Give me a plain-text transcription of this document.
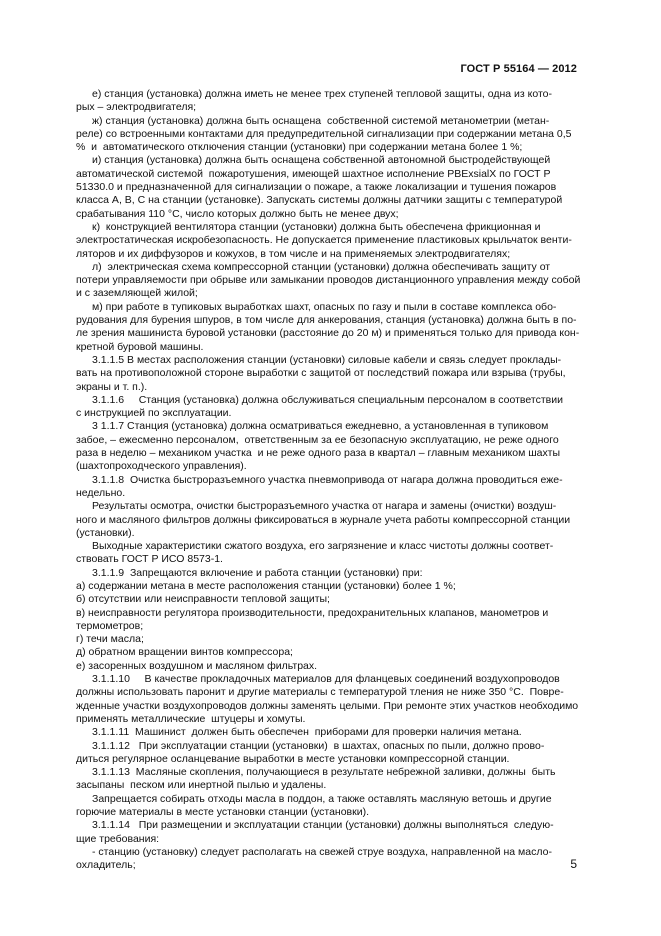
ГОСТ Р 55164 — 2012

е) станция (установка) должна иметь не менее трех ступеней тепловой защиты, одна из кото-

рых – электродвигателя;

ж) станция (установка) должна быть оснащена  собственной системой метанометрии (метан-

реле) со встроенными контактами для предупредительной сигнализации при содержании метана 0,5

%  и  автоматического отключения станции (установки) при содержании метана более 1 %;

и) станция (установка) должна быть оснащена собственной автономной быстродействующей

автоматической системой  пожаротушения, имеющей шахтное исполнение PBExsialX по ГОСТ Р

51330.0 и предназначенной для сигнализации о пожаре, а также локализации и тушения пожаров

класса А, В, С на станции (установке). Запускать системы должны датчики защиты с температурой

срабатывания 110 °С, число которых должно быть не менее двух;

к)  конструкцией вентилятора станции (установки) должна быть обеспечена фрикционная и

электростатическая искробезопасность. Не допускается применение пластиковых крыльчаток венти-

ляторов и их диффузоров и кожухов, в том числе и на применяемых электродвигателях;

л)  электрическая схема компрессорной станции (установки) должна обеспечивать защиту от

потери управляемости при обрыве или замыкании проводов дистанционного управления между собой

и с заземляющей жилой;

м) при работе в тупиковых выработках шахт, опасных по газу и пыли в составе комплекса обо-

рудования для бурения шпуров, в том числе для анкерования, станция (установка) должна быть в по-

ле зрения машиниста буровой установки (расстояние до 20 м) и применяться только для привода кон-

кретной буровой машины.

3.1.1.5 В местах расположения станции (установки) силовые кабели и связь следует проклады-

вать на противоположной стороне выработки с защитой от последствий пожара или взрыва (трубы,

экраны и т. п.).

3.1.1.6     Станция (установка) должна обслуживаться специальным персоналом в соответствии

с инструкцией по эксплуатации.

3 1.1.7 Станция (установка) должна осматриваться ежедневно, а установленная в тупиковом

забое, – ежесменно персоналом,  ответственным за ее безопасную эксплуатацию, не реже одного

раза в неделю – механиком участка  и не реже одного раза в квартал – главным механиком шахты

(шахтопроходческого управления).

3.1.1.8  Очистка быстроразъемного участка пневмопривода от нагара должна проводиться еже-

недельно.

Результаты осмотра, очистки быстроразъемного участка от нагара и замены (очистки) воздуш-

ного и масляного фильтров должны фиксироваться в журнале учета работы компрессорной станции

(установки).

Выходные характеристики сжатого воздуха, его загрязнение и класс чистоты должны соответ-

ствовать ГОСТ Р ИСО 8573-1.

3.1.1.9  Запрещаются включение и работа станции (установки) при:

а) содержании метана в месте расположения станции (установки) более 1 %;

б) отсутствии или неисправности тепловой защиты;

в) неисправности регулятора производительности, предохранительных клапанов, манометров и

термометров;

г) течи масла;

д) обратном вращении винтов компрессора;

е) засоренных воздушном и масляном фильтрах.

3.1.1.10     В качестве прокладочных материалов для фланцевых соединений воздухопроводов

должны использовать паронит и другие материалы с температурой тления не ниже 350 °С.  Повре-

жденные участки воздухопроводов должны заменять целыми. При ремонте этих участков необходимо

применять металлические  штуцеры и хомуты.

3.1.1.11  Машинист  должен быть обеспечен  приборами для проверки наличия метана.

3.1.1.12   При эксплуатации станции (установки)  в шахтах, опасных по пыли, должно прово-

диться регулярное осланцевание выработки в месте установки компрессорной станции.

3.1.1.13  Масляные скопления, получающиеся в результате небрежной заливки, должны  быть

засыпаны  песком или инертной пылью и удалены.

Запрещается собирать отходы масла в поддон, а также оставлять масляную ветошь и другие

горючие материалы в месте установки станции (установки).

3.1.1.14   При размещении и эксплуатации станции (установки) должны выполняться  следую-

щие требования:

- станцию (установку) следует располагать на свежей струе воздуха, направленной на масло-

охладитель;	5
